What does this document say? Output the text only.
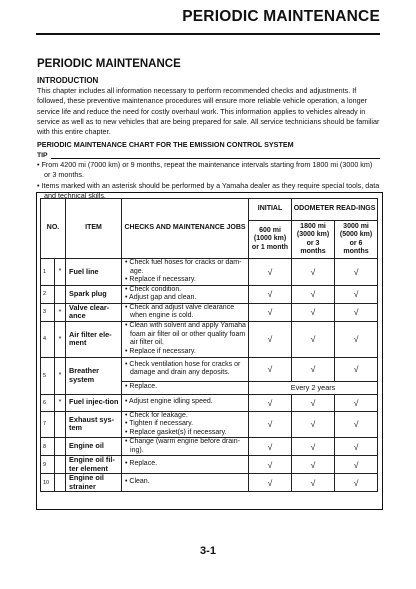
PERIODIC MAINTENANCE
PERIODIC MAINTENANCE
INTRODUCTION
This chapter includes all information necessary to perform recommended checks and adjustments. If followed, these preventive maintenance procedures will ensure more reliable vehicle operation, a longer service life and reduce the need for costly overhaul work. This information applies to vehicles already in service as well as to new vehicles that are being prepared for sale. All service technicians should be familiar with this entire chapter.
PERIODIC MAINTENANCE CHART FOR THE EMISSION CONTROL SYSTEM
TIP
• From 4200 mi (7000 km) or 9 months, repeat the maintenance intervals starting from 1800 mi (3000 km) or 3 months.
• Items marked with an asterisk should be performed by a Yamaha dealer as they require special tools, data and technical skills.
NO.		ITEM	CHECKS AND MAINTENANCE JOBS	INITIAL	ODOMETER READ-INGS	
				600 mi (1000 km) or 1 month	1800 mi (3000 km) or 3 months	3000 mi (5000 km) or 6 months
1	*	Fuel line	• Check fuel hoses for cracks or dam-age.
• Replace if necessary.	√	√	√
2		Spark plug	• Check condition.
• Adjust gap and clean.	√	√	√
3	*	Valve clear-ance	• Check and adjust valve clearance when engine is cold.	√	√	√
4	*	Air filter ele-ment	• Clean with solvent and apply Yamaha foam air filter oil or other quality foam air filter oil.
• Replace if necessary.	√	√	√
5	*	Breather system	• Check ventilation hose for cracks or damage and drain any deposits.	√	√	√

			• Replace.	Every 2 years		
6	*	Fuel injec-tion	• Adjust engine idling speed.	√	√	√
7		Exhaust sys-tem	• Check for leakage.
• Tighten if necessary.
• Replace gasket(s) if necessary.	√	√	√
8		Engine oil	• Change (warm engine before drain-ing).	√	√	√
9		Engine oil fil-ter element	• Replace.	√	√	√
10		Engine oil strainer	• Clean.	√	√	√
3-1
